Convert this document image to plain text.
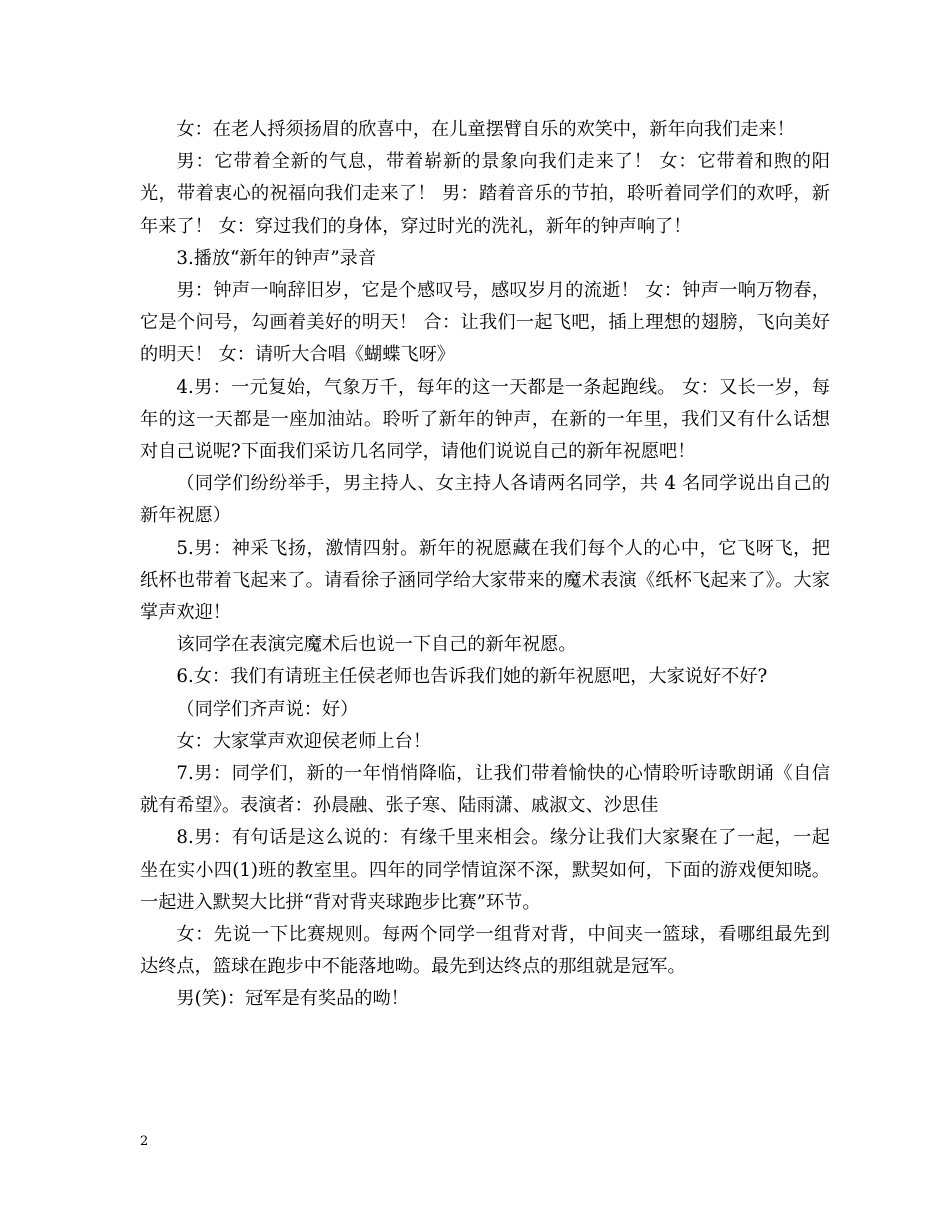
女：在老人捋须扬眉的欣喜中，在儿童摆臂自乐的欢笑中，新年向我们走来！

男：它带着全新的气息，带着崭新的景象向我们走来了！ 女：它带着和煦的阳光，带着衷心的祝福向我们走来了！ 男：踏着音乐的节拍，聆听着同学们的欢呼，新年来了！ 女：穿过我们的身体，穿过时光的洗礼，新年的钟声响了！

3.播放“新年的钟声”录音

男：钟声一响辞旧岁，它是个感叹号，感叹岁月的流逝！ 女：钟声一响万物春，它是个问号，勾画着美好的明天！ 合：让我们一起飞吧，插上理想的翅膀，飞向美好的明天！ 女：请听大合唱《蝴蝶飞呀》

4.男：一元复始，气象万千，每年的这一天都是一条起跑线。 女：又长一岁，每年的这一天都是一座加油站。聆听了新年的钟声，在新的一年里，我们又有什么话想对自己说呢?下面我们采访几名同学，请他们说说自己的新年祝愿吧！

（同学们纷纷举手，男主持人、女主持人各请两名同学，共 4 名同学说出自己的新年祝愿）

5.男：神采飞扬，激情四射。新年的祝愿藏在我们每个人的心中，它飞呀飞，把纸杯也带着飞起来了。请看徐子涵同学给大家带来的魔术表演《纸杯飞起来了》。大家掌声欢迎！

该同学在表演完魔术后也说一下自己的新年祝愿。

6.女：我们有请班主任侯老师也告诉我们她的新年祝愿吧，大家说好不好?

（同学们齐声说：好）

女：大家掌声欢迎侯老师上台！

7.男：同学们，新的一年悄悄降临，让我们带着愉快的心情聆听诗歌朗诵《自信就有希望》。表演者：孙晨融、张子寒、陆雨潇、戚淑文、沙思佳

8.男：有句话是这么说的：有缘千里来相会。缘分让我们大家聚在了一起，一起坐在实小四(1)班的教室里。四年的同学情谊深不深，默契如何，下面的游戏便知晓。一起进入默契大比拼“背对背夹球跑步比赛”环节。

女：先说一下比赛规则。每两个同学一组背对背，中间夹一篮球，看哪组最先到达终点，篮球在跑步中不能落地呦。最先到达终点的那组就是冠军。

男(笑)：冠军是有奖品的呦！

2
